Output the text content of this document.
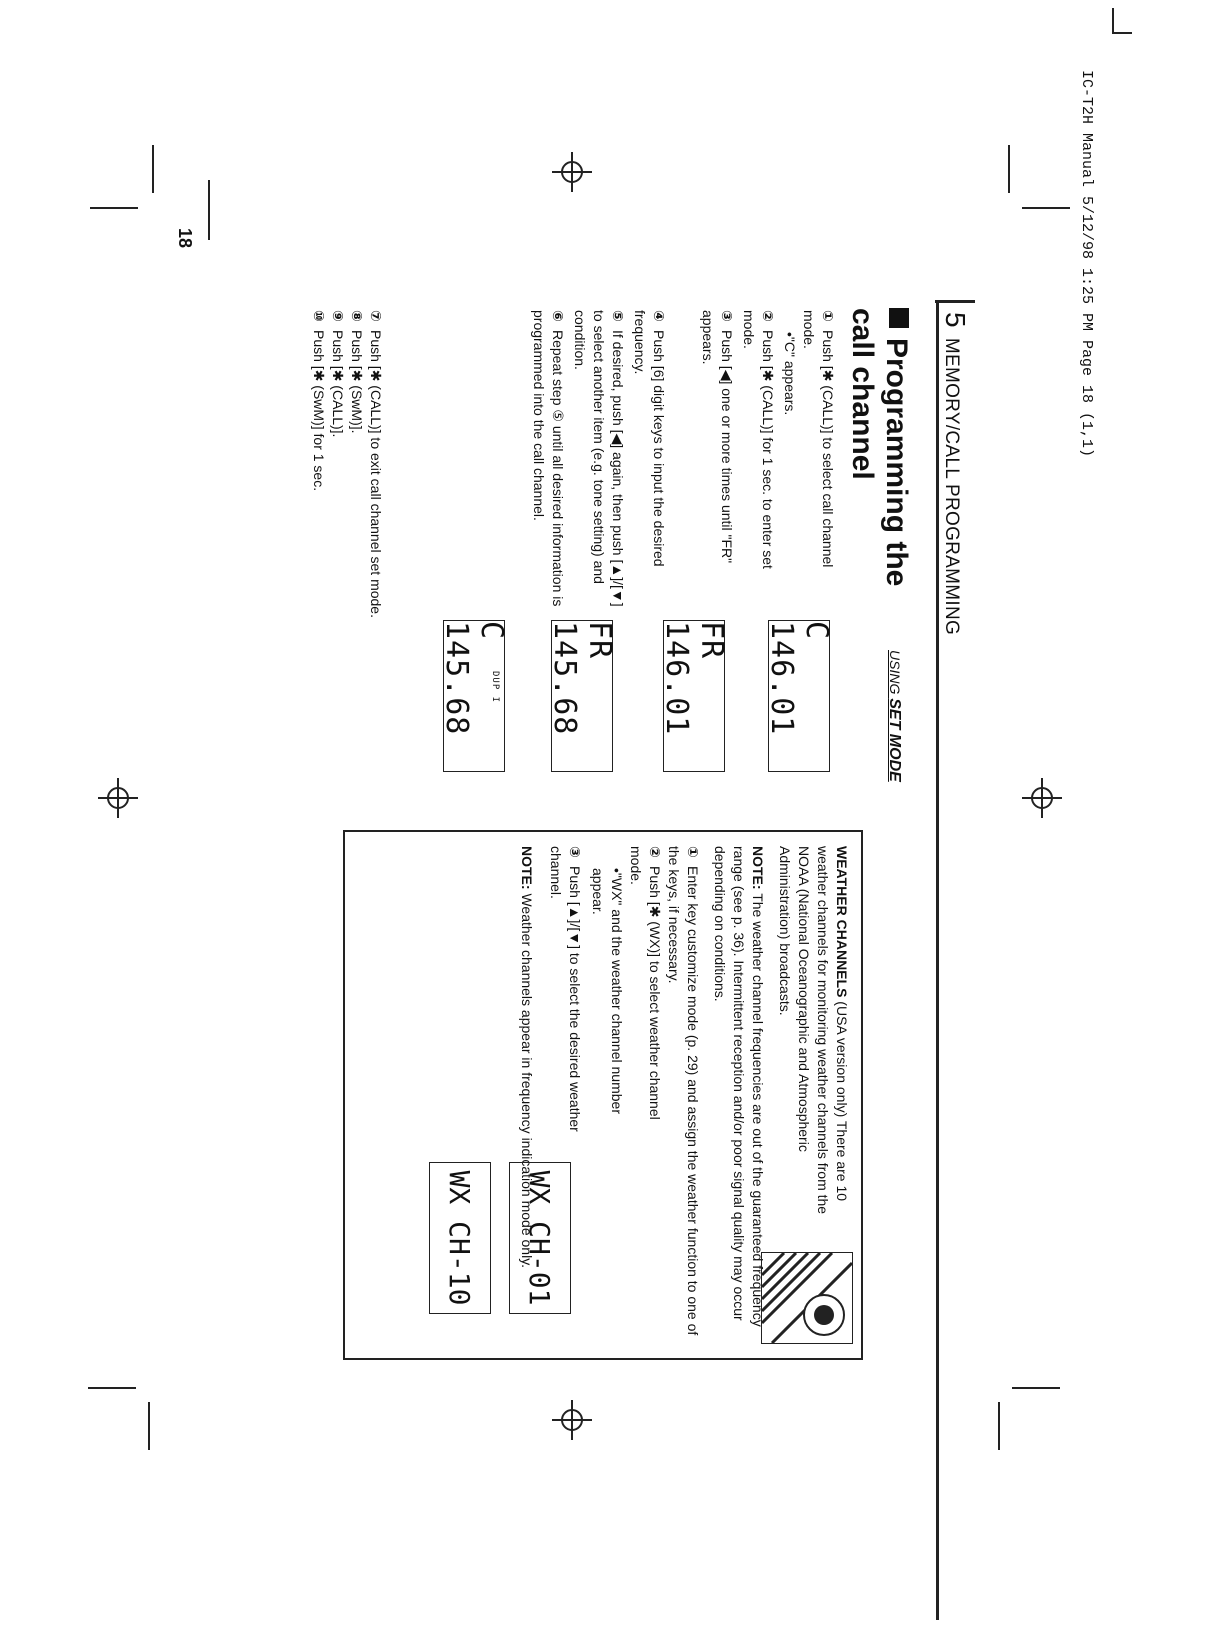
IC-T2H Manual 5/12/98 1:25 PM Page 18 (1,1)
18
5MEMORY/CALL PROGRAMMING
Programming the call channel
USING SET MODE
①Push [✱ (CALL)] to select call channel mode.
•"C" appears.
②Push [✱ (CALL)] for 1 sec. to enter set mode.
③Push [◀] one or more times until "FR" appears.
④Push [6] digit keys to input the desired frequency.
⑤If desired, push [◀] again, then push [▲]/[▼] to select another item (e.g. tone setting) and condition.
⑥Repeat step ⑤ until all desired information is programmed into the call channel.
C 146.01
FR 146.01
FR 145.68
DUP I
C 145.68
⑦Push [✱ (CALL)] to exit call channel set mode.
⑧Push [✱ (SwM)].
⑨Push [✱ (CALL)].
⑩Push [✱ (SwM)] for 1 sec.

WEATHER CHANNELS (USA version only) There are 10 weather channels for monitoring weather channels from the NOAA (National Oceanographic and Atmospheric Administration) broadcasts.

NOTE: The weather channel frequencies are out of the guaranteed frequency range (see p. 36). Intermittent reception and/or poor signal quality may occur depending on conditions.

①Enter key customize mode (p. 29) and assign the weather function to one of the keys, if necessary.
②Push [✱ (WX)] to select weather channel mode.
•"WX" and the weather channel number appear.
③Push [▲]/[▼] to select the desired weather channel.

NOTE: Weather channels appear in frequency indication mode only.

WX CH-01
WX CH-10
